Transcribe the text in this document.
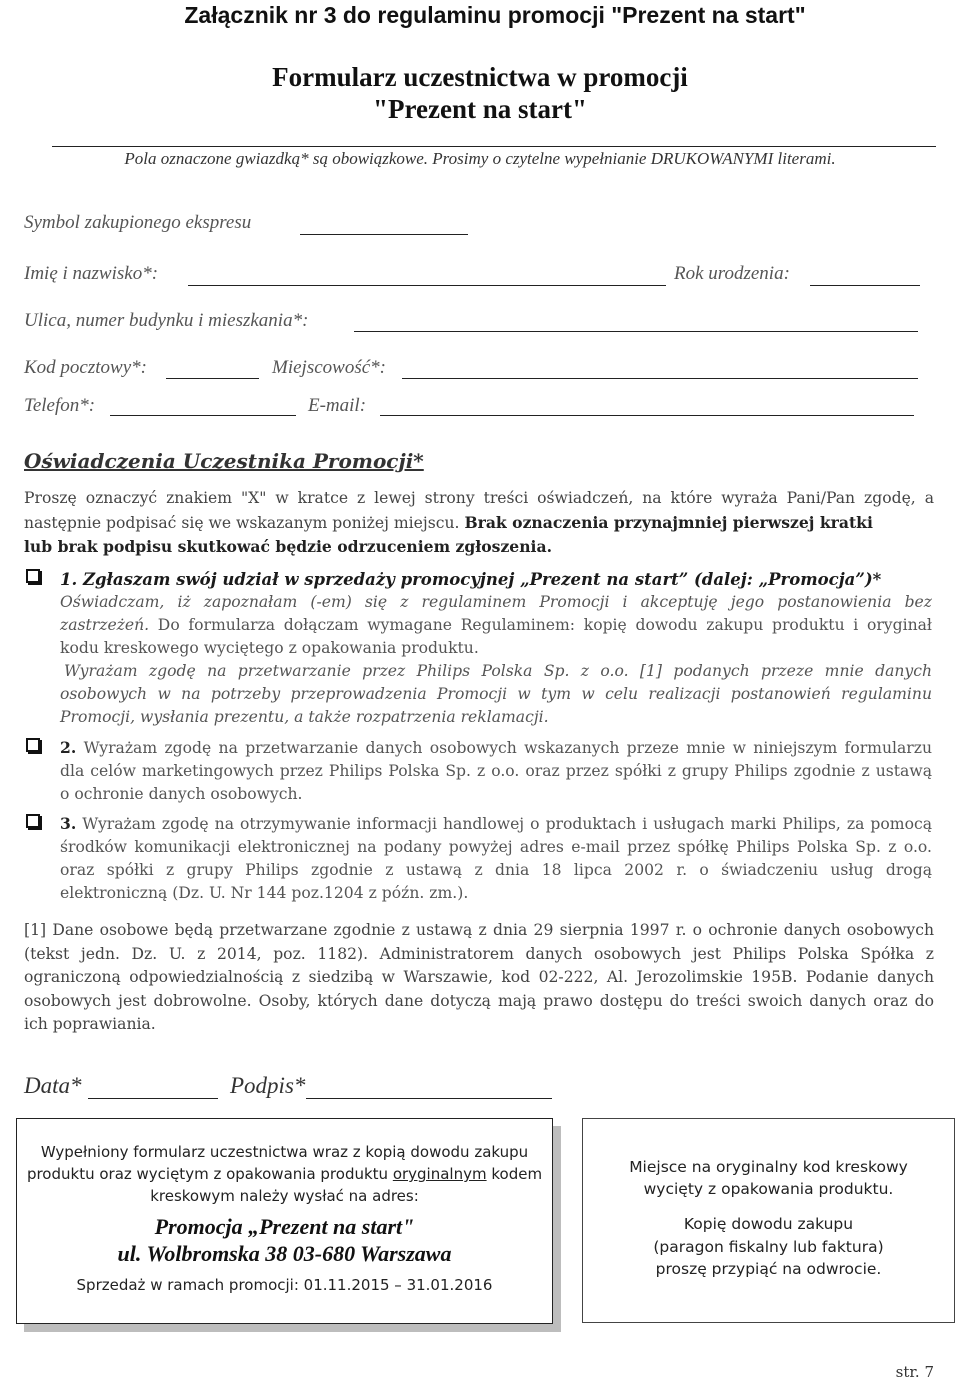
Załącznik nr 3 do regulaminu promocji "Prezent na start"
Formularz uczestnictwa w promocji
"Prezent na start"
Pola oznaczone gwiazdką* są obowiązkowe. Prosimy o czytelne wypełnianie DRUKOWANYMI literami.
Symbol zakupionego ekspresu
Imię i nazwisko*:	Rok urodzenia:
Ulica, numer budynku i mieszkania*:
Kod pocztowy*:	Miejscowość*:
Telefon*:	E-mail:
Oświadczenia Uczestnika Promocji*
Proszę oznaczyć znakiem "X" w kratce z lewej strony treści oświadczeń, na które wyraża Pani/Pan zgodę, a
następnie podpisać się we wskazanym poniżej miejscu. Brak oznaczenia przynajmniej pierwszej kratki
lub brak podpisu skutkować będzie odrzuceniem zgłoszenia.
1. Zgłaszam swój udział w sprzedaży promocyjnej „Prezent na start” (dalej: „Promocja”)*
Oświadczam, iż zapoznałam (-em) się z regulaminem Promocji i akceptuję jego postanowienia bez
zastrzeżeń. Do formularza dołączam wymagane Regulaminem: kopię dowodu zakupu produktu i oryginał
kodu kreskowego wyciętego z opakowania produktu.
Wyrażam zgodę na przetwarzanie przez Philips Polska Sp. z o.o. [1] podanych przeze mnie danych
osobowych w na potrzeby przeprowadzenia Promocji w tym w celu realizacji postanowień regulaminu
Promocji, wysłania prezentu, a także rozpatrzenia reklamacji.
2. Wyrażam zgodę na przetwarzanie danych osobowych wskazanych przeze mnie w niniejszym formularzu
dla celów marketingowych przez Philips Polska Sp. z o.o. oraz przez spółki z grupy Philips zgodnie z ustawą
o ochronie danych osobowych.
3. Wyrażam zgodę na otrzymywanie informacji handlowej o produktach i usługach marki Philips, za pomocą
środków komunikacji elektronicznej na podany powyżej adres e-mail przez spółkę Philips Polska Sp. z o.o.
oraz spółki z grupy Philips zgodnie z ustawą z dnia 18 lipca 2002 r. o świadczeniu usług drogą
elektroniczną (Dz. U. Nr 144 poz.1204 z późn. zm.).
[1] Dane osobowe będą przetwarzane zgodnie z ustawą z dnia 29 sierpnia 1997 r. o ochronie danych osobowych
(tekst jedn. Dz. U. z 2014, poz. 1182). Administratorem danych osobowych jest Philips Polska Spółka z
ograniczoną odpowiedzialnością z siedzibą w Warszawie, kod 02-222, Al. Jerozolimskie 195B. Podanie danych
osobowych jest dobrowolne. Osoby, których dane dotyczą mają prawo dostępu do treści swoich danych oraz do
ich poprawiania.
Data*	Podpis*
Wypełniony formularz uczestnictwa wraz z kopią dowodu zakupu
produktu oraz wyciętym z opakowania produktu oryginalnym kodem
kreskowym należy wysłać na adres:
Promocja „Prezent na start"
ul. Wolbromska 38 03-680 Warszawa
Sprzedaż w ramach promocji: 01.11.2015 – 31.01.2016
Miejsce na oryginalny kod kreskowy
wycięty z opakowania produktu.
Kopię dowodu zakupu
(paragon fiskalny lub faktura)
proszę przypiąć na odwrocie.
str. 7
